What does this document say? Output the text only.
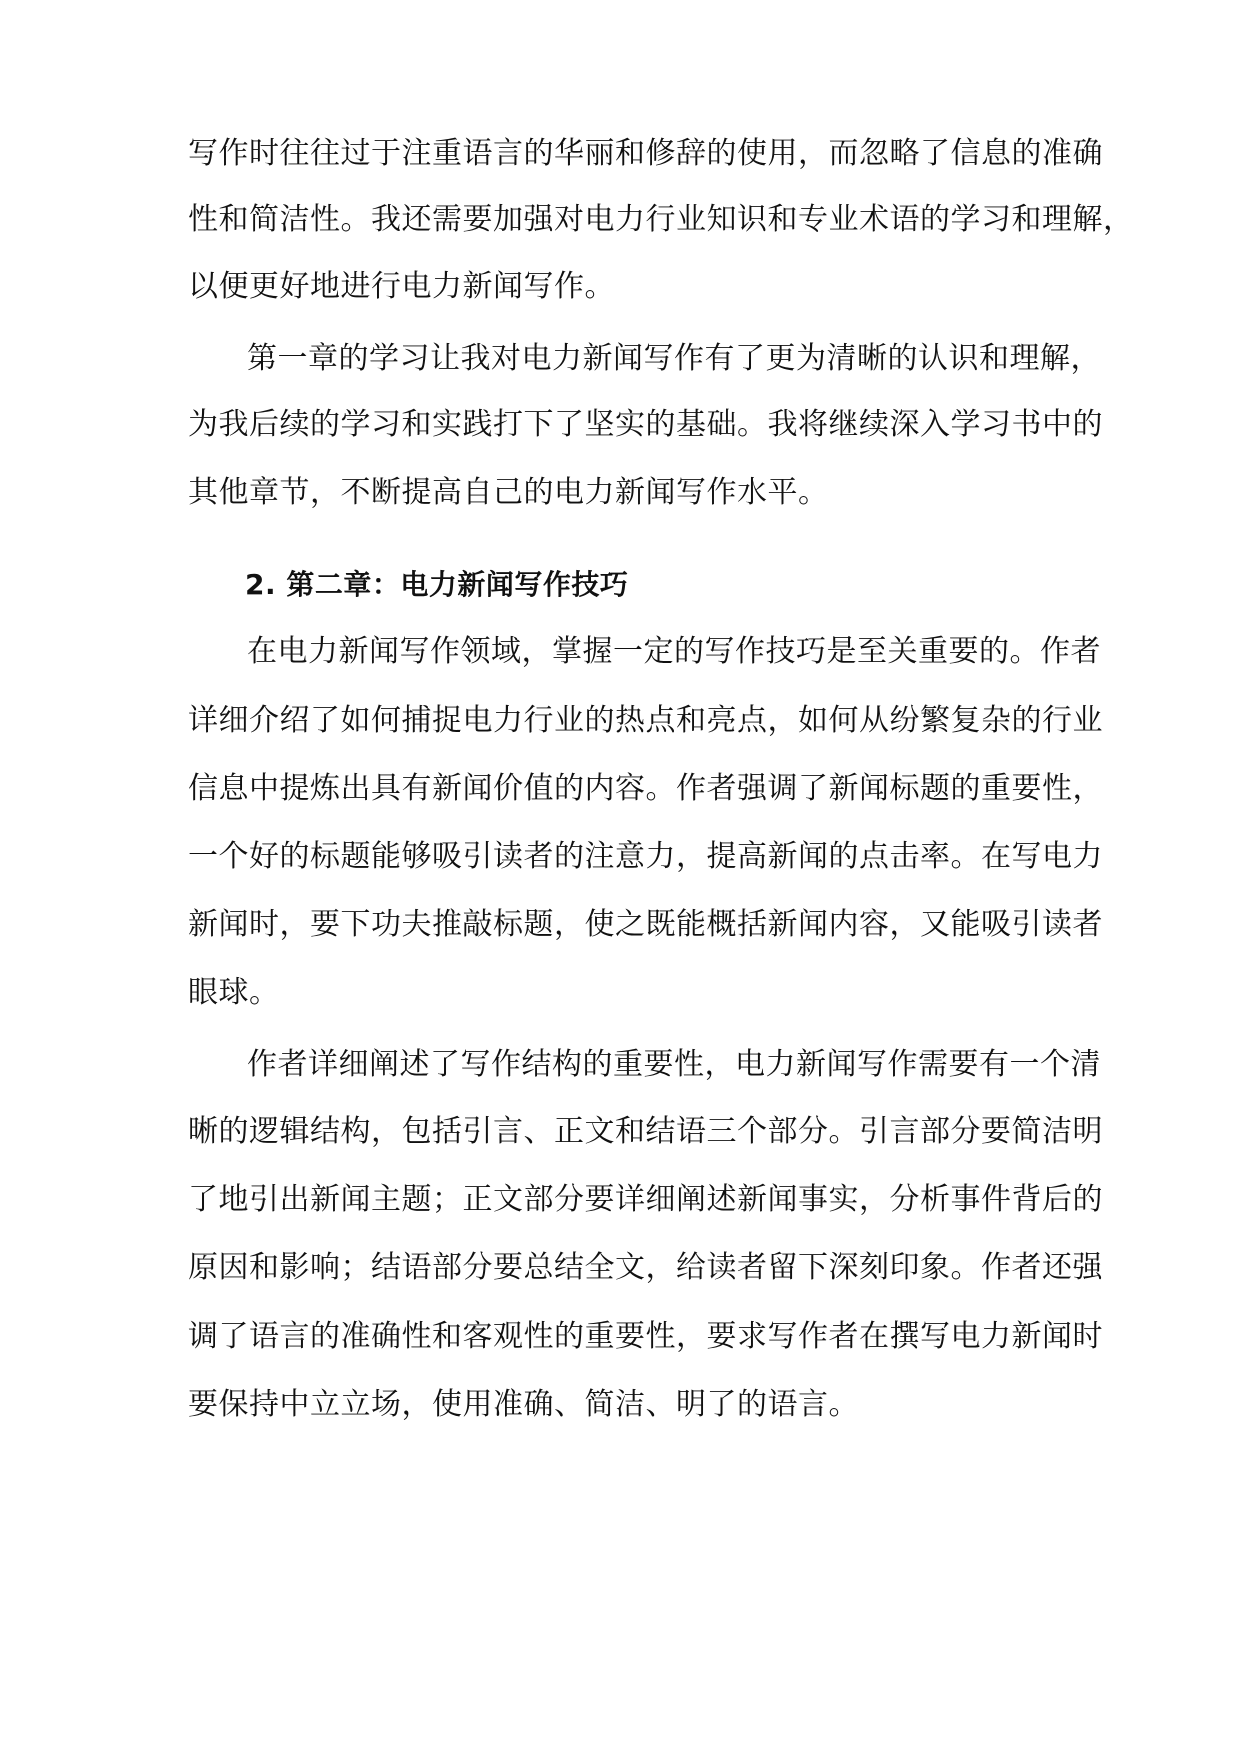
写作时往往过于注重语言的华丽和修辞的使用，而忽略了信息的准确
性和简洁性。我还需要加强对电力行业知识和专业术语的学习和理解，
以便更好地进行电力新闻写作。
第一章的学习让我对电力新闻写作有了更为清晰的认识和理解，
为我后续的学习和实践打下了坚实的基础。我将继续深入学习书中的
其他章节，不断提高自己的电力新闻写作水平。
2. 第二章：电力新闻写作技巧
在电力新闻写作领域，掌握一定的写作技巧是至关重要的。作者
详细介绍了如何捕捉电力行业的热点和亮点，如何从纷繁复杂的行业
信息中提炼出具有新闻价值的内容。作者强调了新闻标题的重要性，
一个好的标题能够吸引读者的注意力，提高新闻的点击率。在写电力
新闻时，要下功夫推敲标题，使之既能概括新闻内容，又能吸引读者
眼球。
作者详细阐述了写作结构的重要性，电力新闻写作需要有一个清
晰的逻辑结构，包括引言、正文和结语三个部分。引言部分要简洁明
了地引出新闻主题；正文部分要详细阐述新闻事实，分析事件背后的
原因和影响；结语部分要总结全文，给读者留下深刻印象。作者还强
调了语言的准确性和客观性的重要性，要求写作者在撰写电力新闻时
要保持中立立场，使用准确、简洁、明了的语言。
